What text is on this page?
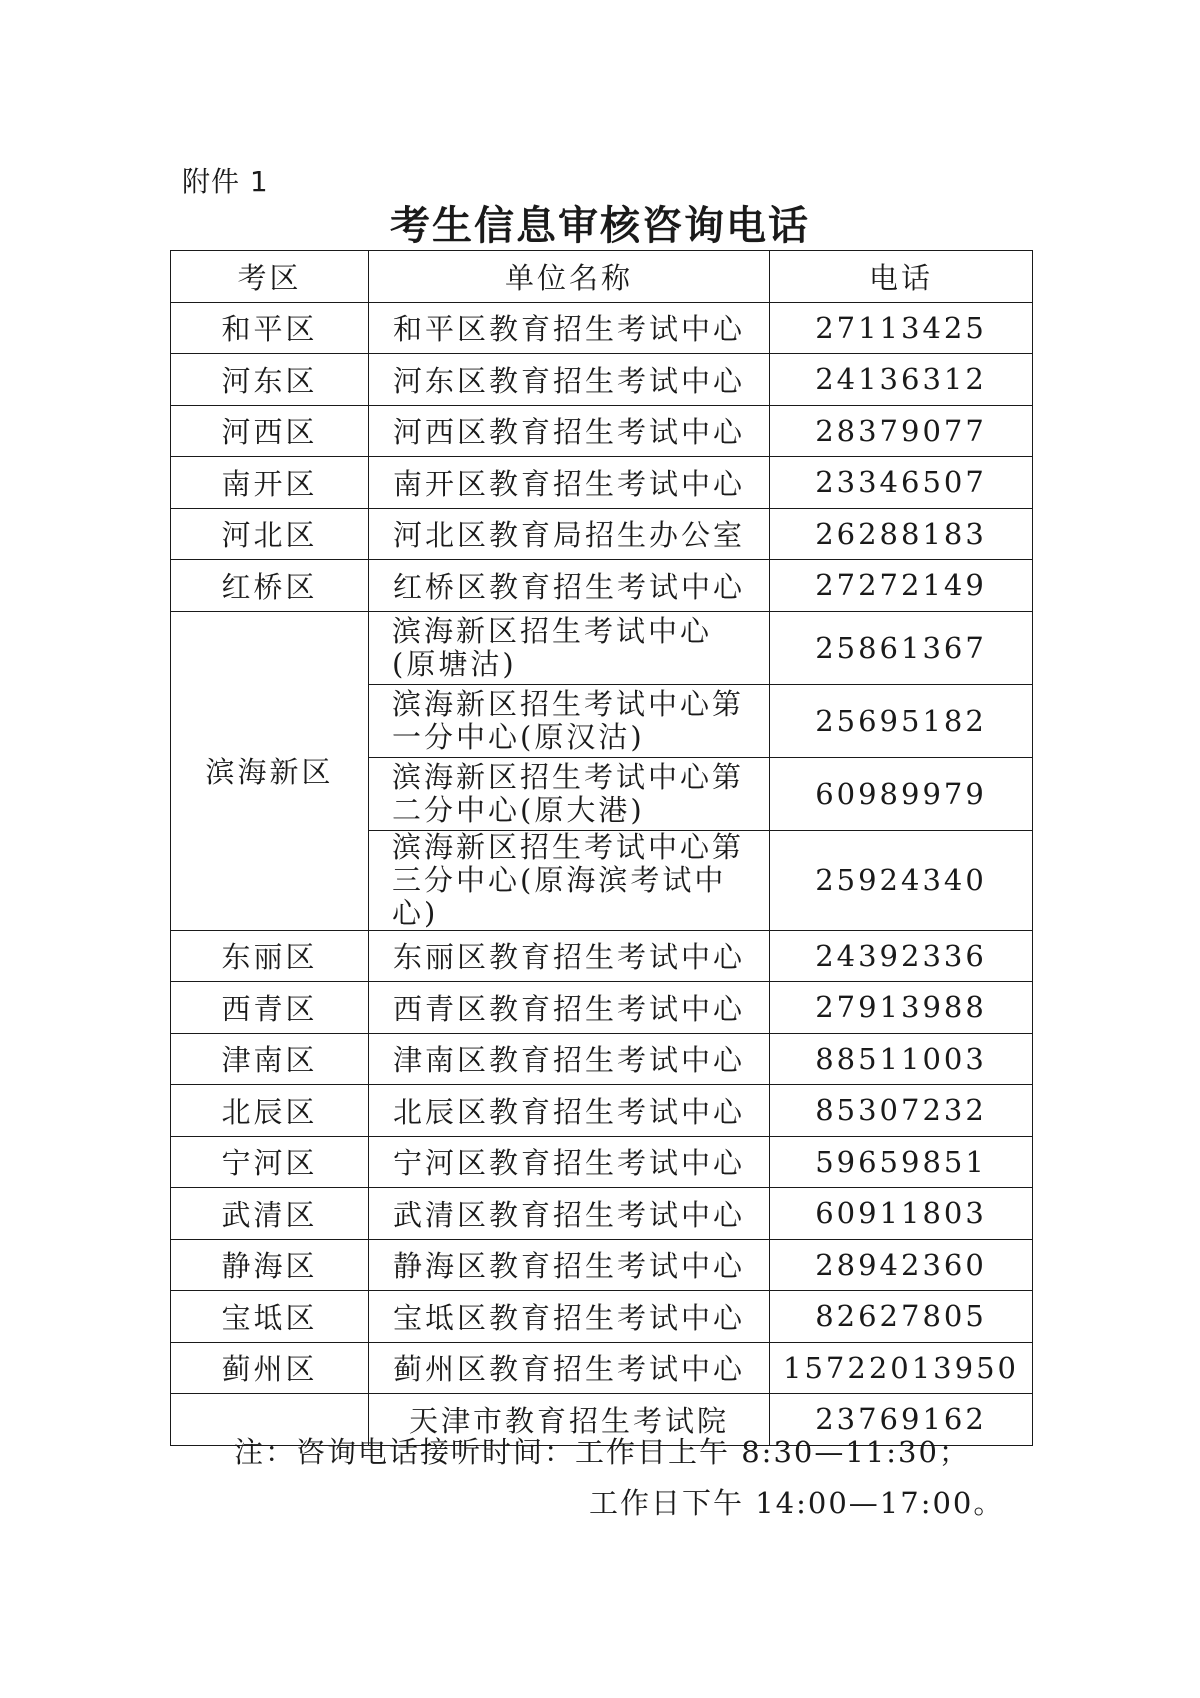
附件 1
考生信息审核咨询电话
考区	单位名称	电话
和平区	和平区教育招生考试中心	27113425
河东区	河东区教育招生考试中心	24136312
河西区	河西区教育招生考试中心	28379077
南开区	南开区教育招生考试中心	23346507
河北区	河北区教育局招生办公室	26288183
红桥区	红桥区教育招生考试中心	27272149
滨海新区	滨海新区招生考试中心(原塘沽)	25861367
	滨海新区招生考试中心第一分中心(原汉沽)	25695182
	滨海新区招生考试中心第二分中心(原大港)	60989979
	滨海新区招生考试中心第三分中心(原海滨考试中心)	25924340
东丽区	东丽区教育招生考试中心	24392336
西青区	西青区教育招生考试中心	27913988
津南区	津南区教育招生考试中心	88511003
北辰区	北辰区教育招生考试中心	85307232
宁河区	宁河区教育招生考试中心	59659851
武清区	武清区教育招生考试中心	60911803
静海区	静海区教育招生考试中心	28942360
宝坻区	宝坻区教育招生考试中心	82627805
蓟州区	蓟州区教育招生考试中心	15722013950
	天津市教育招生考试院	23769162
注：咨询电话接听时间：工作日上午 8:30—11:30；
工作日下午 14:00—17:00。
